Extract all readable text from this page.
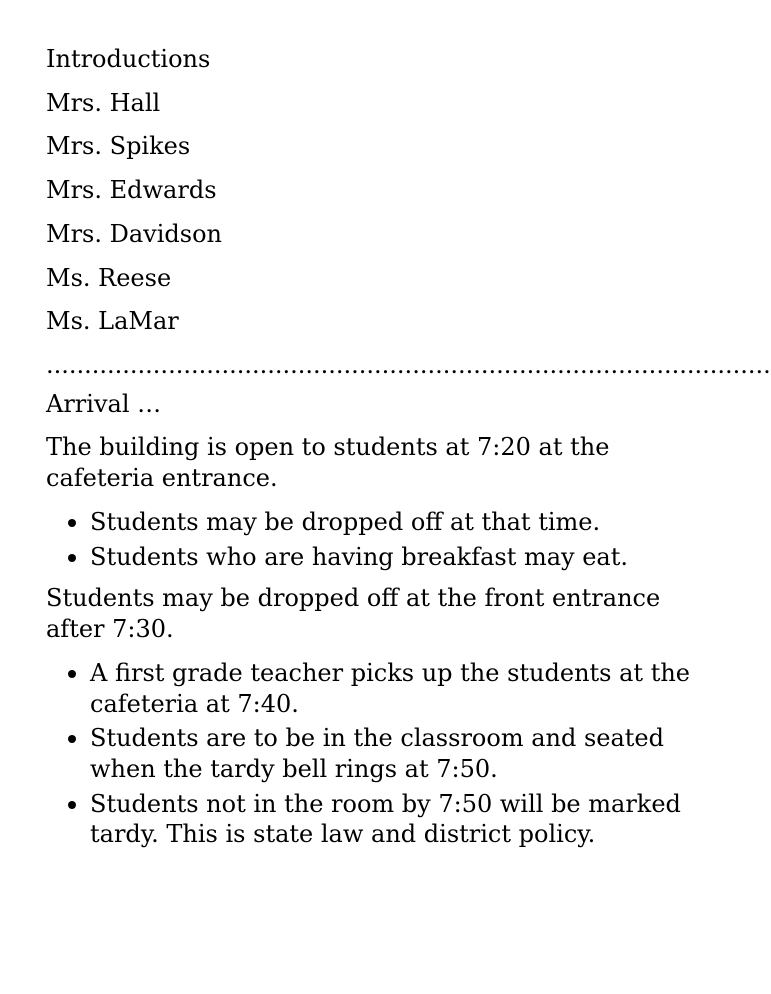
Introductions

Mrs. Hall

Mrs. Spikes

Mrs. Edwards

Mrs. Davidson

Ms. Reese

Ms. LaMar

...............................................................................................

Arrival …

The building is open to students at 7:20 at the cafeteria entrance.

Students may be dropped off at that time.
Students who are having breakfast may eat.

Students may be dropped off at the front entrance after 7:30.

A first grade teacher picks up the students at the cafeteria at 7:40.
Students are to be in the classroom and seated when the tardy bell rings at 7:50.
Students not in the room by 7:50 will be marked tardy. This is state law and district policy.
